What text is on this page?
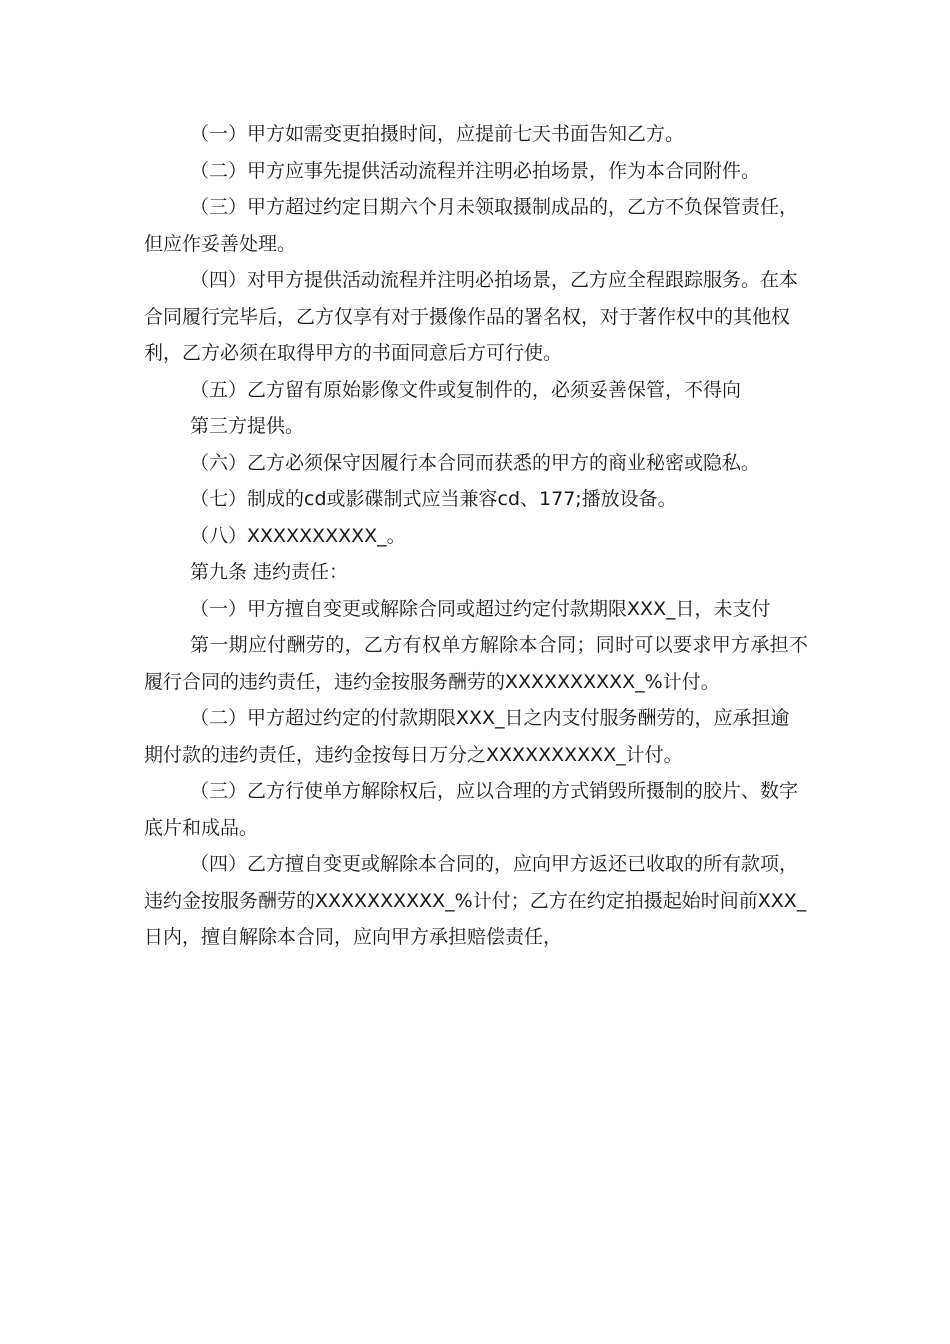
（一）甲方如需变更拍摄时间，应提前七天书面告知乙方。

（二）甲方应事先提供活动流程并注明必拍场景，作为本合同附件。

（三）甲方超过约定日期六个月未领取摄制成品的，乙方不负保管责任，但应作妥善处理。

（四）对甲方提供活动流程并注明必拍场景，乙方应全程跟踪服务。在本合同履行完毕后，乙方仅享有对于摄像作品的署名权，对于著作权中的其他权利，乙方必须在取得甲方的书面同意后方可行使。

（五）乙方留有原始影像文件或复制件的，必须妥善保管，不得向

第三方提供。

（六）乙方必须保守因履行本合同而获悉的甲方的商业秘密或隐私。

（七）制成的cd或影碟制式应当兼容cd、177;播放设备。

（八）XXXXXXXXXX_。

第九条 违约责任：

（一）甲方擅自变更或解除合同或超过约定付款期限XXX_日，未支付

第一期应付酬劳的，乙方有权单方解除本合同；同时可以要求甲方承担不履行合同的违约责任，违约金按服务酬劳的XXXXXXXXXX_%计付。

（二）甲方超过约定的付款期限XXX_日之内支付服务酬劳的，应承担逾期付款的违约责任，违约金按每日万分之XXXXXXXXXX_计付。

（三）乙方行使单方解除权后，应以合理的方式销毁所摄制的胶片、数字底片和成品。

（四）乙方擅自变更或解除本合同的，应向甲方返还已收取的所有款项，违约金按服务酬劳的XXXXXXXXXX_%计付；乙方在约定拍摄起始时间前XXX_日内，擅自解除本合同，应向甲方承担赔偿责任，
